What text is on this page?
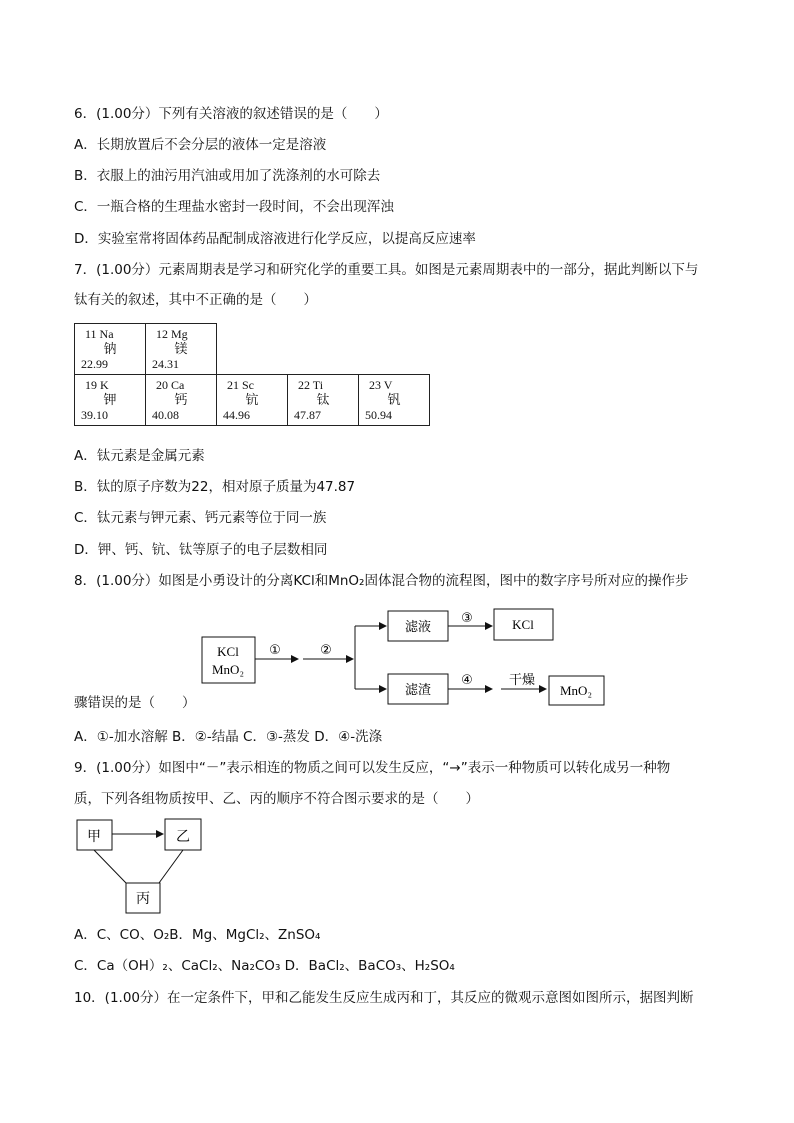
6．(1.00分）下列有关溶液的叙述错误的是（　　）
A．长期放置后不会分层的液体一定是溶液
B．衣服上的油污用汽油或用加了洗涤剂的水可除去
C．一瓶合格的生理盐水密封一段时间，不会出现浑浊
D．实验室常将固体药品配制成溶液进行化学反应，以提高反应速率
7．(1.00分）元素周期表是学习和研究化学的重要工具。如图是元素周期表中的一部分，据此判断以下与
钛有关的叙述，其中不正确的是（　　）
11 Na
钠
22.99	12 Mg
镁
24.31			

19 K
钾
39.10	20 Ca
钙
40.08	21 Sc
钪
44.96	22 Ti
钛
47.87	23 V
钒
50.94
A．钛元素是金属元素
B．钛的原子序数为22，相对原子质量为47.87
C．钛元素与钾元素、钙元素等位于同一族
D．钾、钙、钪、钛等原子的电子层数相同
8．(1.00分）如图是小勇设计的分离KCl和MnO₂固体混合物的流程图，图中的数字序号所对应的操作步
KCl
MnO₂
①	②
滤液
③	KCl
滤渣
④	干燥
MnO₂
骤错误的是（　　）
A．①-加水溶解 B．②-结晶 C．③-蒸发 D．④-洗涤
9．(1.00分）如图中“－”表示相连的物质之间可以发生反应，“→”表示一种物质可以转化成另一种物
质，下列各组物质按甲、乙、丙的顺序不符合图示要求的是（　　）
甲	乙
丙
A．C、CO、O₂B．Mg、MgCl₂、ZnSO₄
C．Ca（OH）₂、CaCl₂、Na₂CO₃ D．BaCl₂、BaCO₃、H₂SO₄
10．(1.00分）在一定条件下，甲和乙能发生反应生成丙和丁，其反应的微观示意图如图所示，据图判断
